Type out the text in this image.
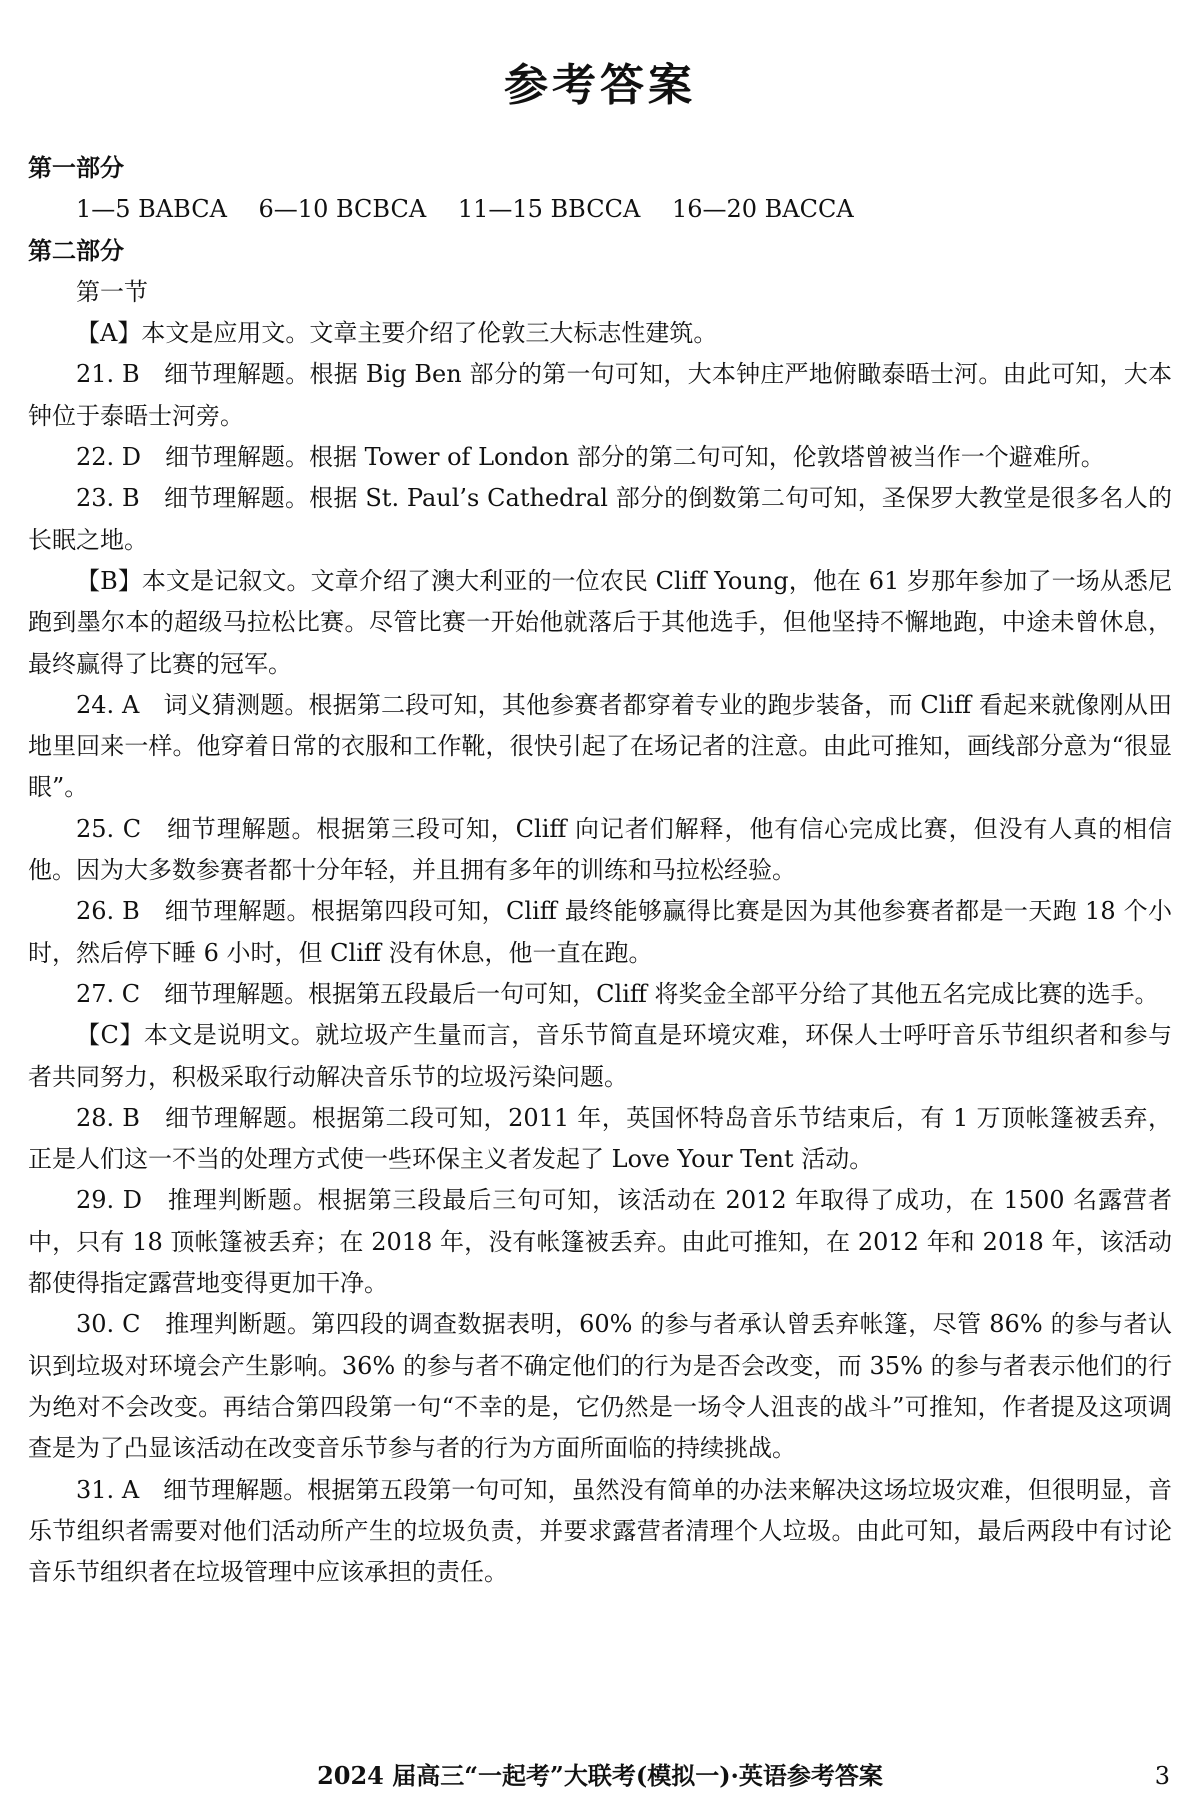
参考答案

第一部分

1—5 BABCA　 6—10 BCBCA　 11—15 BBCCA　 16—20 BACCA

第二部分

第一节

【A】本文是应用文。文章主要介绍了伦敦三大标志性建筑。

21. B　细节理解题。根据 Big Ben 部分的第一句可知，大本钟庄严地俯瞰泰晤士河。由此可知，大本钟位于泰晤士河旁。

22. D　细节理解题。根据 Tower of London 部分的第二句可知，伦敦塔曾被当作一个避难所。

23. B　细节理解题。根据 St. Paul’s Cathedral 部分的倒数第二句可知，圣保罗大教堂是很多名人的长眠之地。

【B】本文是记叙文。文章介绍了澳大利亚的一位农民 Cliff Young，他在 61 岁那年参加了一场从悉尼跑到墨尔本的超级马拉松比赛。尽管比赛一开始他就落后于其他选手，但他坚持不懈地跑，中途未曾休息，最终赢得了比赛的冠军。

24. A　词义猜测题。根据第二段可知，其他参赛者都穿着专业的跑步装备，而 Cliff 看起来就像刚从田地里回来一样。他穿着日常的衣服和工作靴，很快引起了在场记者的注意。由此可推知，画线部分意为“很显眼”。

25. C　细节理解题。根据第三段可知，Cliff 向记者们解释，他有信心完成比赛，但没有人真的相信他。因为大多数参赛者都十分年轻，并且拥有多年的训练和马拉松经验。

26. B　细节理解题。根据第四段可知，Cliff 最终能够赢得比赛是因为其他参赛者都是一天跑 18 个小时，然后停下睡 6 小时，但 Cliff 没有休息，他一直在跑。

27. C　细节理解题。根据第五段最后一句可知，Cliff 将奖金全部平分给了其他五名完成比赛的选手。

【C】本文是说明文。就垃圾产生量而言，音乐节简直是环境灾难，环保人士呼吁音乐节组织者和参与者共同努力，积极采取行动解决音乐节的垃圾污染问题。

28. B　细节理解题。根据第二段可知，2011 年，英国怀特岛音乐节结束后，有 1 万顶帐篷被丢弃，正是人们这一不当的处理方式使一些环保主义者发起了 Love Your Tent 活动。

29. D　推理判断题。根据第三段最后三句可知，该活动在 2012 年取得了成功，在 1500 名露营者中，只有 18 顶帐篷被丢弃；在 2018 年，没有帐篷被丢弃。由此可推知，在 2012 年和 2018 年，该活动都使得指定露营地变得更加干净。

30. C　推理判断题。第四段的调查数据表明，60% 的参与者承认曾丢弃帐篷，尽管 86% 的参与者认识到垃圾对环境会产生影响。36% 的参与者不确定他们的行为是否会改变，而 35% 的参与者表示他们的行为绝对不会改变。再结合第四段第一句“不幸的是，它仍然是一场令人沮丧的战斗”可推知，作者提及这项调查是为了凸显该活动在改变音乐节参与者的行为方面所面临的持续挑战。

31. A　细节理解题。根据第五段第一句可知，虽然没有简单的办法来解决这场垃圾灾难，但很明显，音乐节组织者需要对他们活动所产生的垃圾负责，并要求露营者清理个人垃圾。由此可知，最后两段中有讨论音乐节组织者在垃圾管理中应该承担的责任。

2024 届高三“一起考”大联考(模拟一)·英语参考答案	3
